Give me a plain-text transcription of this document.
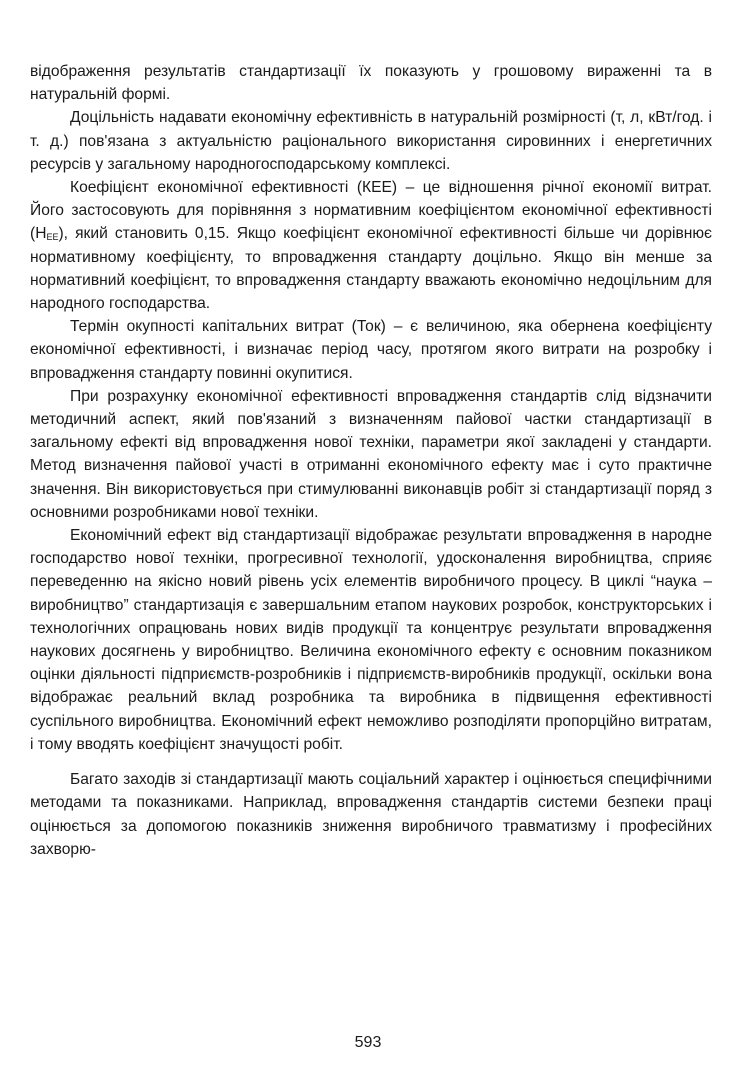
відображення результатів стандартизації їх показують у грошовому вираженні та в натуральній формі.

Доцільність надавати економічну ефективність в натуральній розмірності (т, л, кВт/год. і т. д.) пов'язана з актуальністю раціонального використання сировинних і енергетичних ресурсів у загальному народногосподарському комплексі.

Коефіцієнт економічної ефективності (КЕЕ) – це відношення річної економії витрат. Його застосовують для порівняння з нормативним коефіцієнтом економічної ефективності $(Н_{EE})$, який становить 0,15. Якщо коефіцієнт економічної ефективності більше чи дорівнює нормативному коефіцієнту, то впровадження стандарту доцільно. Якщо він менше за нормативний коефіцієнт, то впровадження стандарту вважають економічно недоцільним для народного господарства.

Термін окупності капітальних витрат (Ток) – є величиною, яка обернена коефіцієнту економічної ефективності, і визначає період часу, протягом якого витрати на розробку і впровадження стандарту повинні окупитися.

При розрахунку економічної ефективності впровадження стандартів слід відзначити методичний аспект, який пов'язаний з визначенням пайової частки стандартизації в загальному ефекті від впровадження нової техніки, параметри якої закладені у стандарти. Метод визначення пайової участі в отриманні економічного ефекту має і суто практичне значення. Він використовується при стимулюванні виконавців робіт зі стандартизації поряд з основними розробниками нової техніки.

Економічний ефект від стандартизації відображає результати впровадження в народне господарство нової техніки, прогресивної технології, удосконалення виробництва, сприяє переведенню на якісно новий рівень усіх елементів виробничого процесу. В циклі “наука – виробництво” стандартизація є завершальним етапом наукових розробок, конструкторських і технологічних опрацювань нових видів продукції та концентрує результати впровадження наукових досягнень у виробництво. Величина економічного ефекту є основним показником оцінки діяльності підприємств-розробників і підприємств-виробників продукції, оскільки вона відображає реальний вклад розробника та виробника в підвищення ефективності суспільного виробництва. Економічний ефект неможливо розподіляти пропорційно витратам, і тому вводять коефіцієнт значущості робіт.

Багато заходів зі стандартизації мають соціальний характер і оцінюється специфічними методами та показниками. Наприклад, впровадження стандартів системи безпеки праці оцінюється за допомогою показників зниження виробничого травматизму і професійних захворю-

593
